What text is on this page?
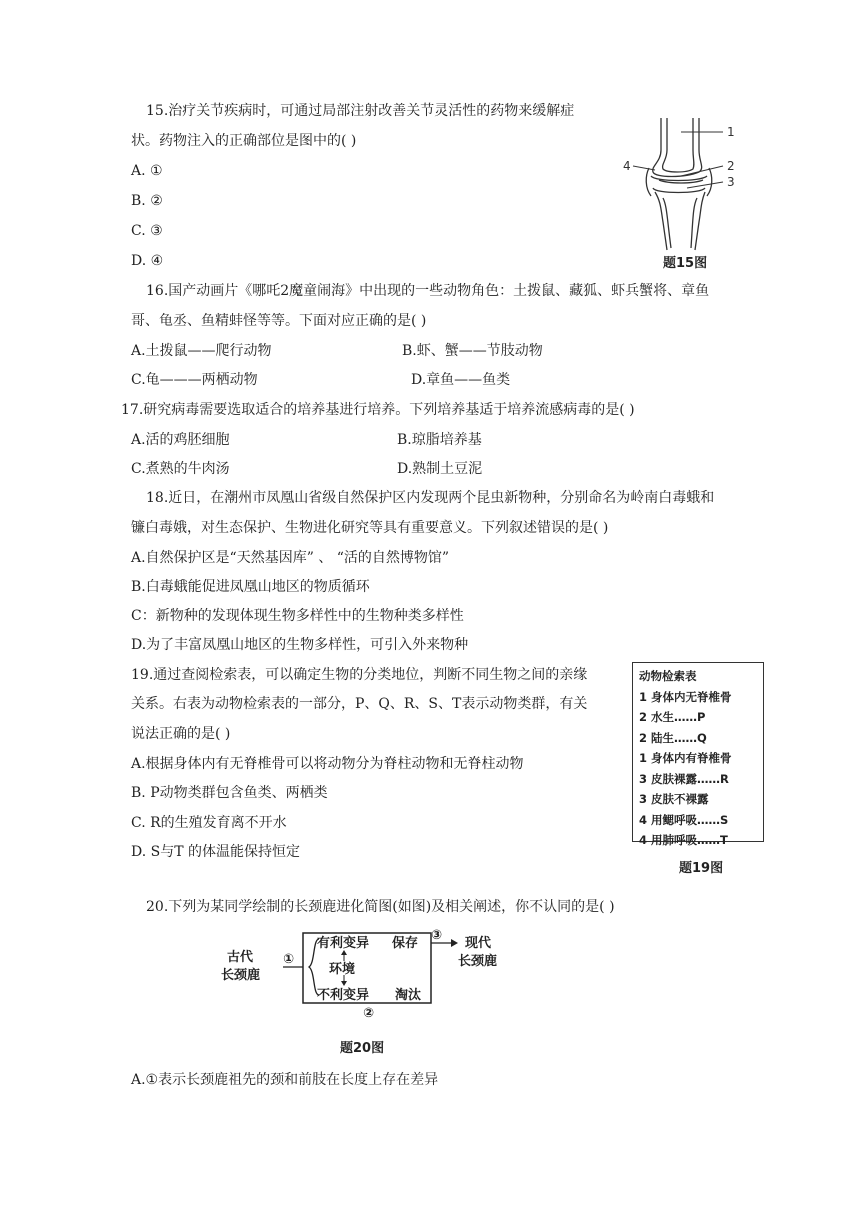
15.治疗关节疾病时，可通过局部注射改善关节灵活性的药物来缓解症
状。药物注入的正确部位是图中的( )
A. ①
B. ②
C. ③
D. ④
1
2
3
4
题15图
16.国产动画片《哪吒2魔童闹海》中出现的一些动物角色：土拨鼠、藏狐、虾兵蟹将、章鱼
哥、龟丞、鱼精蚌怪等等。下面对应正确的是( )
A.土拨鼠——爬行动物	B.虾、蟹——节肢动物
C.龟———两栖动物	D.章鱼——鱼类
17.研究病毒需要选取适合的培养基进行培养。下列培养基适于培养流感病毒的是( )
A.活的鸡胚细胞	B.琼脂培养基
C.煮熟的牛肉汤	D.熟制土豆泥
18.近日，在潮州市凤凰山省级自然保护区内发现两个昆虫新物种，分别命名为岭南白毒蛾和
镰白毒娥，对生态保护、生物进化研究等具有重要意义。下列叙述错误的是( )
A.自然保护区是“天然基因库” 、 “活的自然博物馆”
B.白毒蛾能促进凤凰山地区的物质循环
C：新物种的发现体现生物多样性中的生物种类多样性
D.为了丰富凤凰山地区的生物多样性，可引入外来物种
19.通过查阅检索表，可以确定生物的分类地位，判断不同生物之间的亲缘
关系。右表为动物检索表的一部分，P、Q、R、S、T表示动物类群，有关
说法正确的是( )
A.根据身体内有无脊椎骨可以将动物分为脊柱动物和无脊柱动物
B. P动物类群包含鱼类、两栖类
C. R的生殖发育离不开水
D. S与T 的体温能保持恒定
动物检索表
1 身体内无脊椎骨
2 水生……P
2 陆生……Q
1 身体内有脊椎骨
3 皮肤裸露……R
3 皮肤不裸露
4 用鳃呼吸……S
4 用肺呼吸……T
题19图
20.下列为某同学绘制的长颈鹿进化简图(如图)及相关阐述，你不认同的是( )
古代
长颈鹿
①
有利变异 保存
环境
不利变异 淘汰
③
②
现代
长颈鹿
题20图
A.①表示长颈鹿祖先的颈和前肢在长度上存在差异
